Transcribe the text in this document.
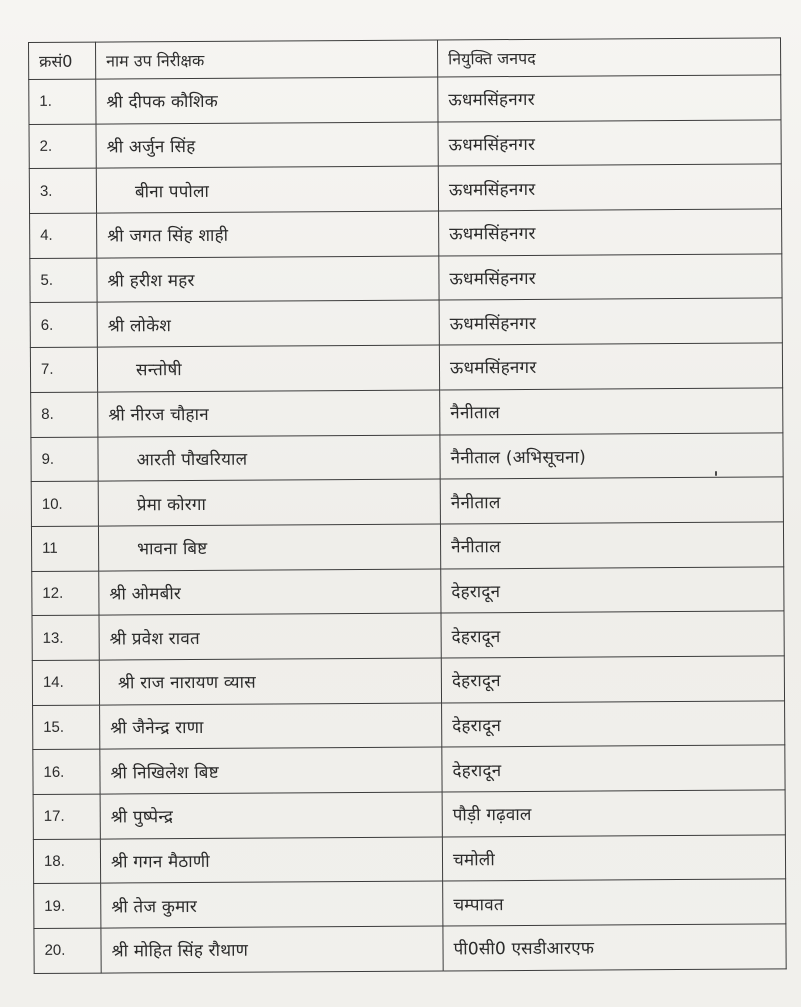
क्रसं0	नाम उप निरीक्षक	नियुक्ति जनपद
1.	श्री दीपक कौशिक	ऊधमसिंहनगर
2.	श्री अर्जुन सिंह	ऊधमसिंहनगर
3.	बीना पपोला	ऊधमसिंहनगर
4.	श्री जगत सिंह शाही	ऊधमसिंहनगर
5.	श्री हरीश महर	ऊधमसिंहनगर
6.	श्री लोकेश	ऊधमसिंहनगर
7.	सन्तोषी	ऊधमसिंहनगर
8.	श्री नीरज चौहान	नैनीताल
9.	आरती पौखरियाल	नैनीताल (अभिसूचना)
10.	प्रेमा कोरगा	नैनीताल
11	भावना बिष्ट	नैनीताल
12.	श्री ओमबीर	देहरादून
13.	श्री प्रवेश रावत	देहरादून
14.	श्री राज नारायण व्यास	देहरादून
15.	श्री जैनेन्द्र राणा	देहरादून
16.	श्री निखिलेश बिष्ट	देहरादून
17.	श्री पुष्पेन्द्र	पौड़ी गढ़वाल
18.	श्री गगन मैठाणी	चमोली
19.	श्री तेज कुमार	चम्पावत
20.	श्री मोहित सिंह रौथाण	पी0सी0 एसडीआरएफ
